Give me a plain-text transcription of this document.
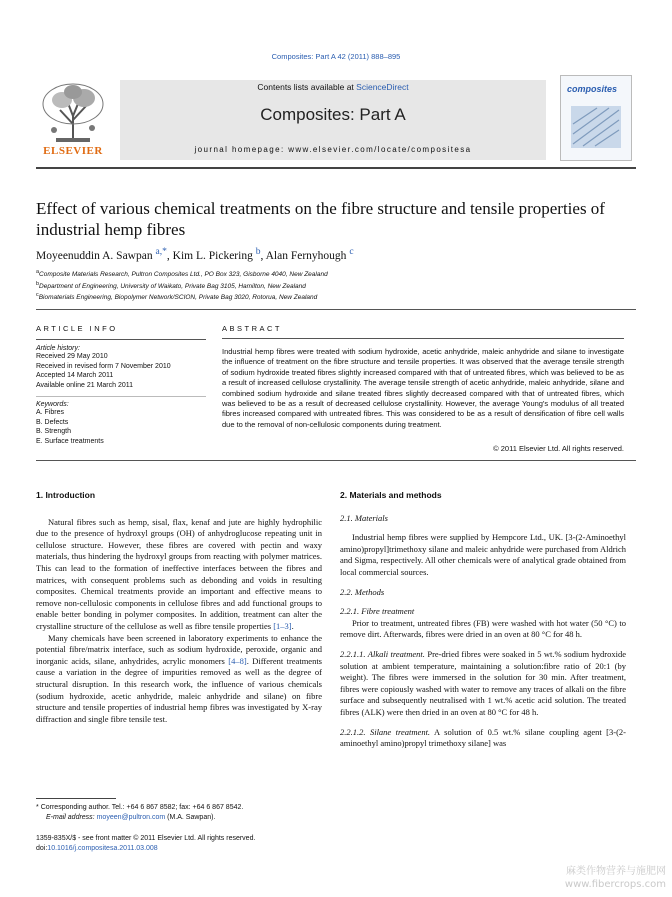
Composites: Part A 42 (2011) 888–895
ELSEVIER
Contents lists available at ScienceDirect
Composites: Part A
journal homepage: www.elsevier.com/locate/compositesa
composites
Effect of various chemical treatments on the fibre structure and tensile properties of industrial hemp fibres
Moyeenuddin A. Sawpan $^{a,*}$, Kim L. Pickering $^b$, Alan Fernyhough $^c$
$^a$Composite Materials Research, Pultron Composites Ltd., PO Box 323, Gisborne 4040, New Zealand
$^b$Department of Engineering, University of Waikato, Private Bag 3105, Hamilton, New Zealand
$^c$Biomaterials Engineering, Biopolymer Network/SCION, Private Bag 3020, Rotorua, New Zealand
ARTICLE INFO
Article history:
Received 29 May 2010
Received in revised form 7 November 2010
Accepted 14 March 2011
Available online 21 March 2011
Keywords:
A. Fibres
B. Defects
B. Strength
E. Surface treatments
ABSTRACT
Industrial hemp fibres were treated with sodium hydroxide, acetic anhydride, maleic anhydride and silane to investigate the influence of treatment on the fibre structure and tensile properties. It was observed that the average tensile strength of sodium hydroxide treated fibres slightly increased compared with that of untreated fibres, which was believed to be as a result of increased cellulose crystallinity. The average tensile strength of acetic anhydride, maleic anhydride, silane and combined sodium hydroxide and silane treated fibres slightly decreased compared with that of untreated fibres, which was believed to be as a result of decreased cellulose crystallinity. However, the average Young's modulus of all treated fibres increased compared with untreated fibres. This was considered to be as a result of densification of fibre cell walls due to the removal of non-cellulosic components during treatment.
© 2011 Elsevier Ltd. All rights reserved.
1. Introduction

Natural fibres such as hemp, sisal, flax, kenaf and jute are highly hydrophilic due to the presence of hydroxyl groups (OH) of anhydroglucose repeating unit in cellulose structure. However, these fibres are covered with pectin and waxy materials, thus hindering the hydroxyl groups from reacting with polymer matrices. This can lead to the formation of ineffective interfaces between the fibres and matrices, with consequent problems such as debonding and voids in resulting composites. Chemical treatments provide an important and effective means to remove non-cellulosic components in cellulose fibres and add functional groups to enable better bonding in polymer composites. In addition, treatment can alter the crystalline structure of the cellulose as well as fibre tensile properties [1–3].

Many chemicals have been screened in laboratory experiments to enhance the potential fibre/matrix interface, such as sodium hydroxide, peroxide, organic and inorganic acids, silane, anhydrides, acrylic monomers [4–8]. Different treatments cause a variation in the degree of impurities removed as well as the degree of structural disruption. In this research work, the influence of various chemicals (sodium hydroxide, acetic anhydride, maleic anhydride and silane) on fibre structure and tensile properties of industrial hemp fibres was investigated by X-ray diffraction and single fibre tensile test.

2. Materials and methods
2.1. Materials

Industrial hemp fibres were supplied by Hempcore Ltd., UK. [3-(2-Aminoethyl amino)propyl]trimethoxy silane and maleic anhydride were purchased from Aldrich and Sigma, respectively. All other chemicals were of analytical grade obtained from local commercial sources.

2.2. Methods
2.2.1. Fibre treatment

Prior to treatment, untreated fibres (FB) were washed with hot water (50 °C) to remove dirt. Afterwards, fibres were dried in an oven at 80 °C for 48 h.

2.2.1.1. Alkali treatment. Pre-dried fibres were soaked in 5 wt.% sodium hydroxide solution at ambient temperature, maintaining a solution:fibre ratio of 20:1 (by weight). The fibres were immersed in the solution for 30 min. After treatment, fibres were copiously washed with water to remove any traces of alkali on the fibre surface and subsequently neutralised with 1 wt.% acetic acid solution. The treated fibres (ALK) were then dried in an oven at 80 °C for 48 h.

2.2.1.2. Silane treatment. A solution of 0.5 wt.% silane coupling agent [3-(2-aminoethyl amino)propyl trimethoxy silane] was

* Corresponding author. Tel.: +64 6 867 8582; fax: +64 6 867 8542.
E-mail address: moyeen@pultron.com (M.A. Sawpan).
1359-835X/$ - see front matter © 2011 Elsevier Ltd. All rights reserved.
doi:10.1016/j.compositesa.2011.03.008
麻类作物营养与施肥网
www.fibercrops.com
